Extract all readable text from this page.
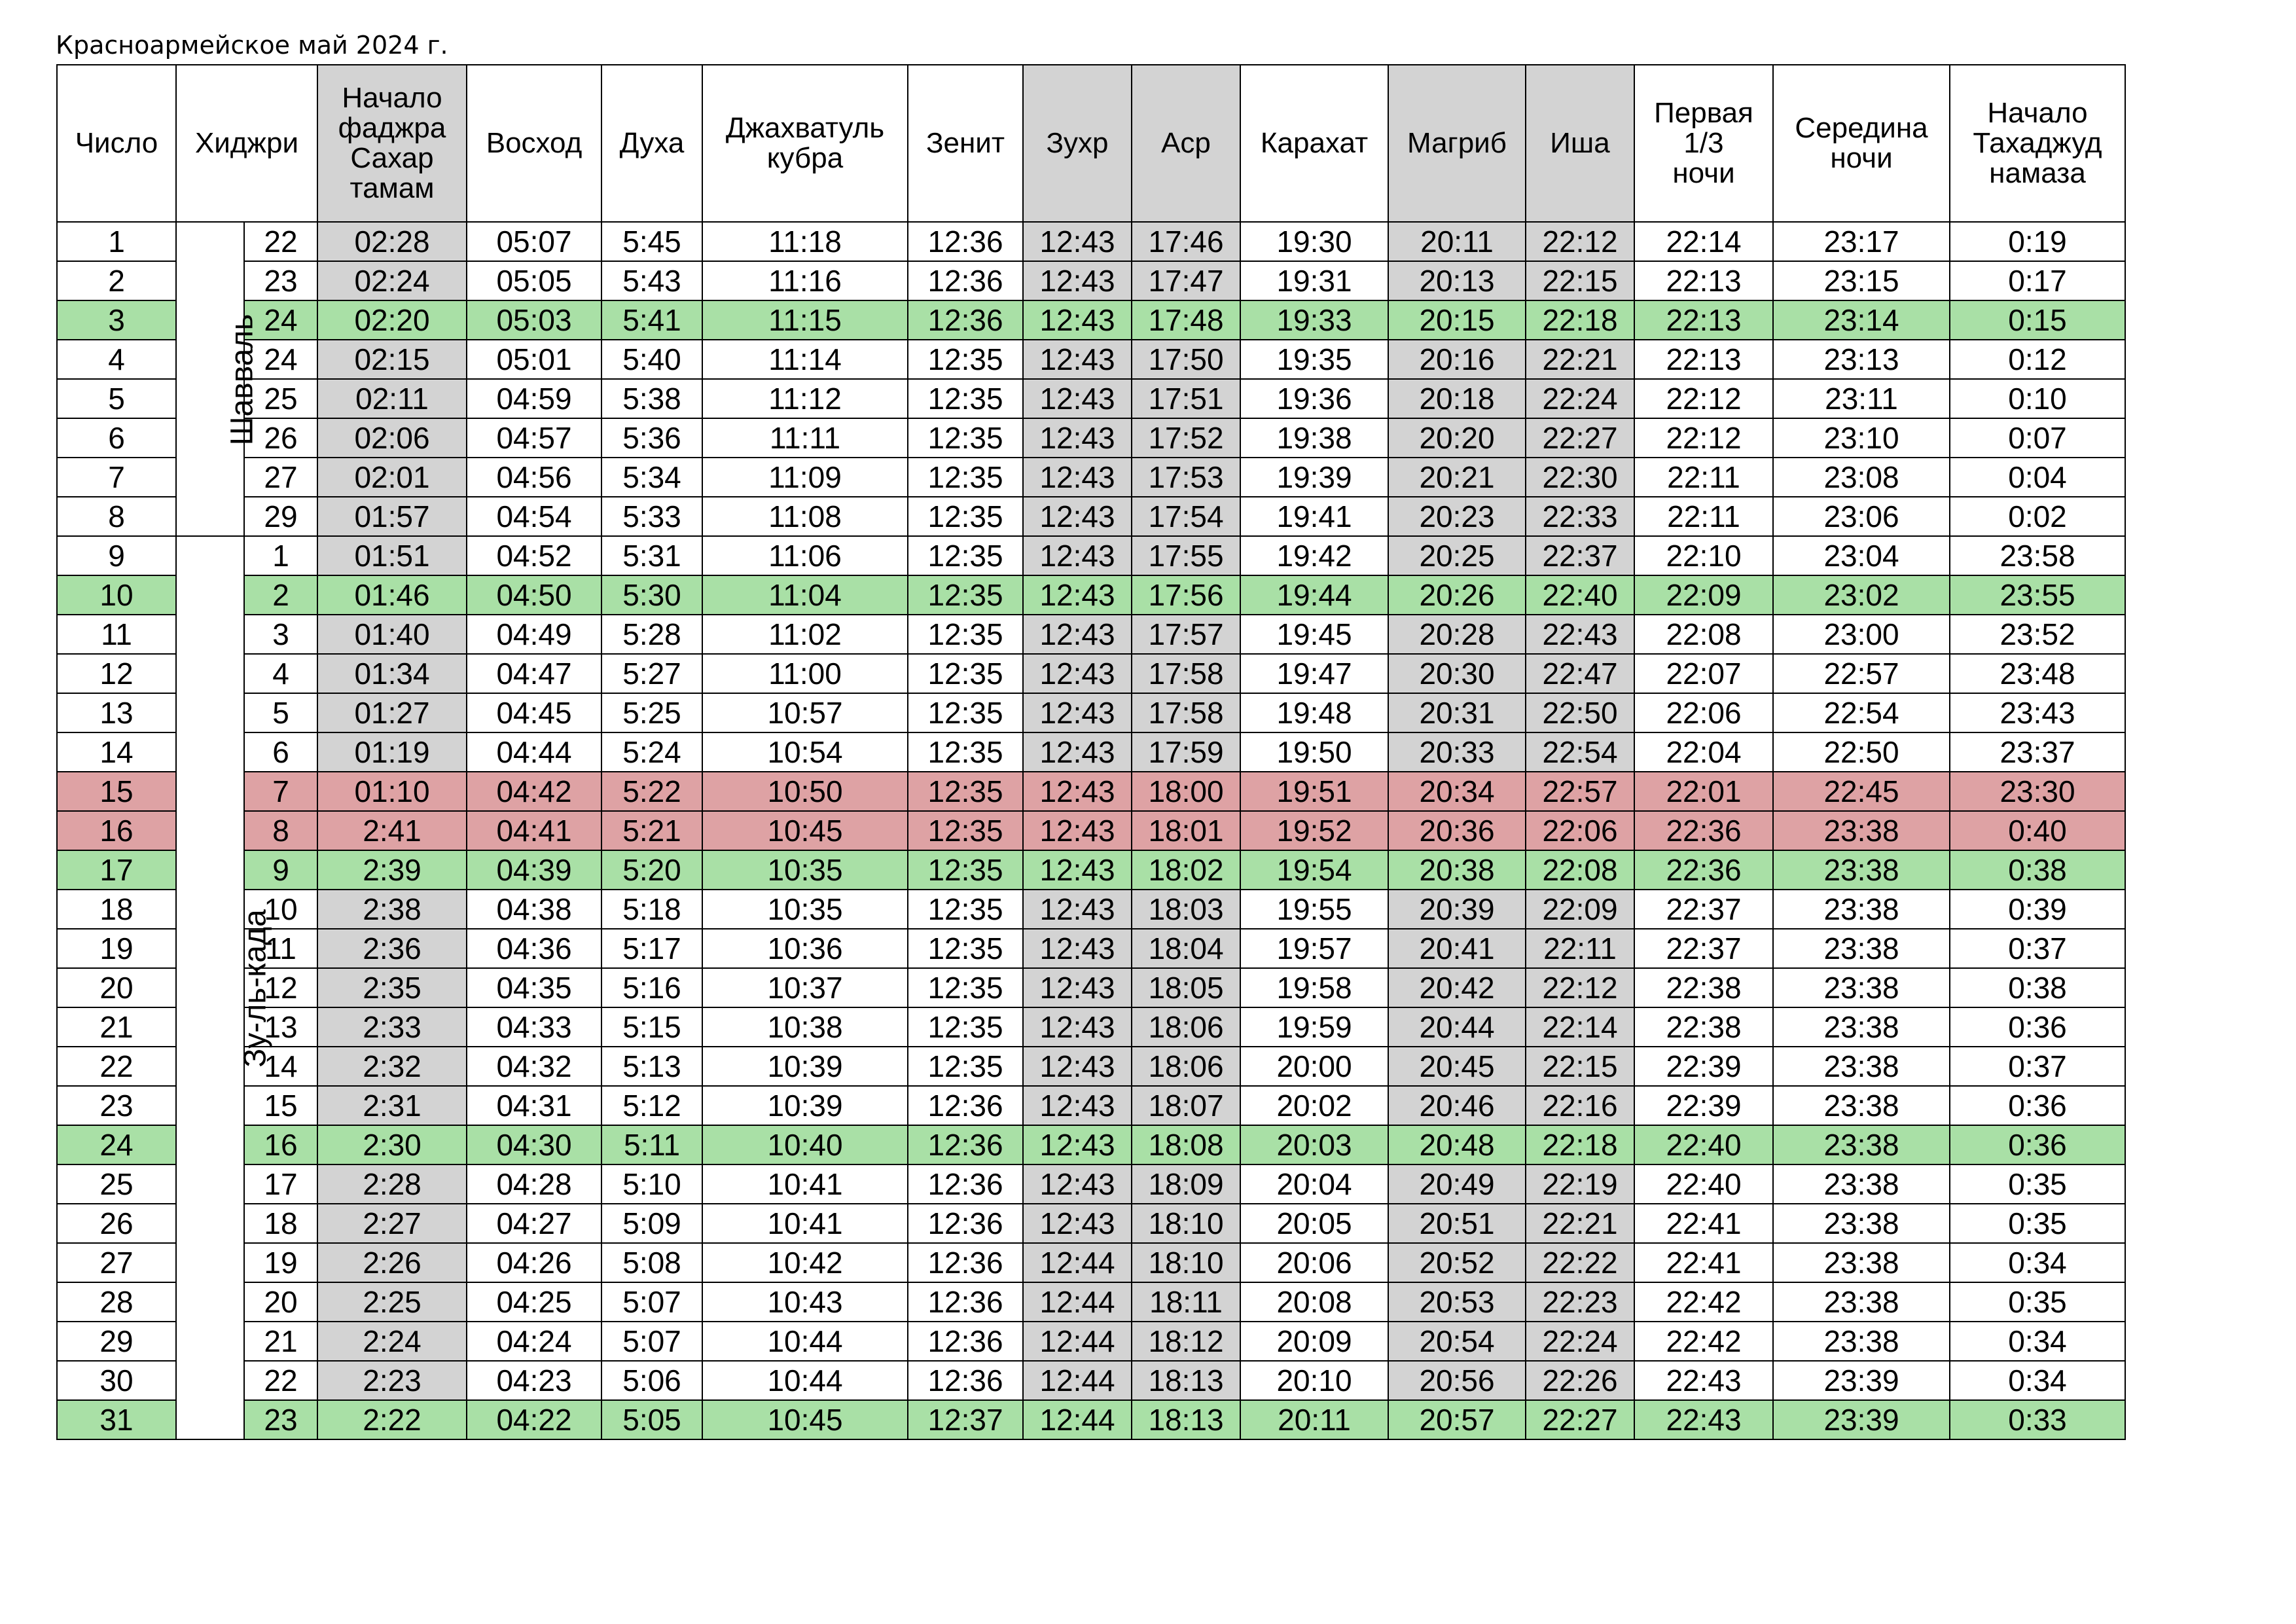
Красноармейское май 2024 г.
Число	Хиджри		Начало
фаджра
Сахар
тамам	Восход	Духа	Джахватуль
кубра	Зенит	Зухр	Аср	Карахат	Магриб	Иша	Первая
1/3
ночи	Середина
ночи	Начало
Тахаджуд
намаза
1	Шавваль	22	02:28	05:07	5:45	11:18	12:36	12:43	17:46	19:30	20:11	22:12	22:14	23:17	0:19
2		23	02:24	05:05	5:43	11:16	12:36	12:43	17:47	19:31	20:13	22:15	22:13	23:15	0:17
3		24	02:20	05:03	5:41	11:15	12:36	12:43	17:48	19:33	20:15	22:18	22:13	23:14	0:15
4		24	02:15	05:01	5:40	11:14	12:35	12:43	17:50	19:35	20:16	22:21	22:13	23:13	0:12
5		25	02:11	04:59	5:38	11:12	12:35	12:43	17:51	19:36	20:18	22:24	22:12	23:11	0:10
6		26	02:06	04:57	5:36	11:11	12:35	12:43	17:52	19:38	20:20	22:27	22:12	23:10	0:07
7		27	02:01	04:56	5:34	11:09	12:35	12:43	17:53	19:39	20:21	22:30	22:11	23:08	0:04
8		29	01:57	04:54	5:33	11:08	12:35	12:43	17:54	19:41	20:23	22:33	22:11	23:06	0:02
9	Зу-ль-када	1	01:51	04:52	5:31	11:06	12:35	12:43	17:55	19:42	20:25	22:37	22:10	23:04	23:58
10		2	01:46	04:50	5:30	11:04	12:35	12:43	17:56	19:44	20:26	22:40	22:09	23:02	23:55
11		3	01:40	04:49	5:28	11:02	12:35	12:43	17:57	19:45	20:28	22:43	22:08	23:00	23:52
12		4	01:34	04:47	5:27	11:00	12:35	12:43	17:58	19:47	20:30	22:47	22:07	22:57	23:48
13		5	01:27	04:45	5:25	10:57	12:35	12:43	17:58	19:48	20:31	22:50	22:06	22:54	23:43
14		6	01:19	04:44	5:24	10:54	12:35	12:43	17:59	19:50	20:33	22:54	22:04	22:50	23:37
15		7	01:10	04:42	5:22	10:50	12:35	12:43	18:00	19:51	20:34	22:57	22:01	22:45	23:30
16		8	2:41	04:41	5:21	10:45	12:35	12:43	18:01	19:52	20:36	22:06	22:36	23:38	0:40
17		9	2:39	04:39	5:20	10:35	12:35	12:43	18:02	19:54	20:38	22:08	22:36	23:38	0:38
18		10	2:38	04:38	5:18	10:35	12:35	12:43	18:03	19:55	20:39	22:09	22:37	23:38	0:39
19		11	2:36	04:36	5:17	10:36	12:35	12:43	18:04	19:57	20:41	22:11	22:37	23:38	0:37
20		12	2:35	04:35	5:16	10:37	12:35	12:43	18:05	19:58	20:42	22:12	22:38	23:38	0:38
21		13	2:33	04:33	5:15	10:38	12:35	12:43	18:06	19:59	20:44	22:14	22:38	23:38	0:36
22		14	2:32	04:32	5:13	10:39	12:35	12:43	18:06	20:00	20:45	22:15	22:39	23:38	0:37
23		15	2:31	04:31	5:12	10:39	12:36	12:43	18:07	20:02	20:46	22:16	22:39	23:38	0:36
24		16	2:30	04:30	5:11	10:40	12:36	12:43	18:08	20:03	20:48	22:18	22:40	23:38	0:36
25		17	2:28	04:28	5:10	10:41	12:36	12:43	18:09	20:04	20:49	22:19	22:40	23:38	0:35
26		18	2:27	04:27	5:09	10:41	12:36	12:43	18:10	20:05	20:51	22:21	22:41	23:38	0:35
27		19	2:26	04:26	5:08	10:42	12:36	12:44	18:10	20:06	20:52	22:22	22:41	23:38	0:34
28		20	2:25	04:25	5:07	10:43	12:36	12:44	18:11	20:08	20:53	22:23	22:42	23:38	0:35
29		21	2:24	04:24	5:07	10:44	12:36	12:44	18:12	20:09	20:54	22:24	22:42	23:38	0:34
30		22	2:23	04:23	5:06	10:44	12:36	12:44	18:13	20:10	20:56	22:26	22:43	23:39	0:34
31		23	2:22	04:22	5:05	10:45	12:37	12:44	18:13	20:11	20:57	22:27	22:43	23:39	0:33
